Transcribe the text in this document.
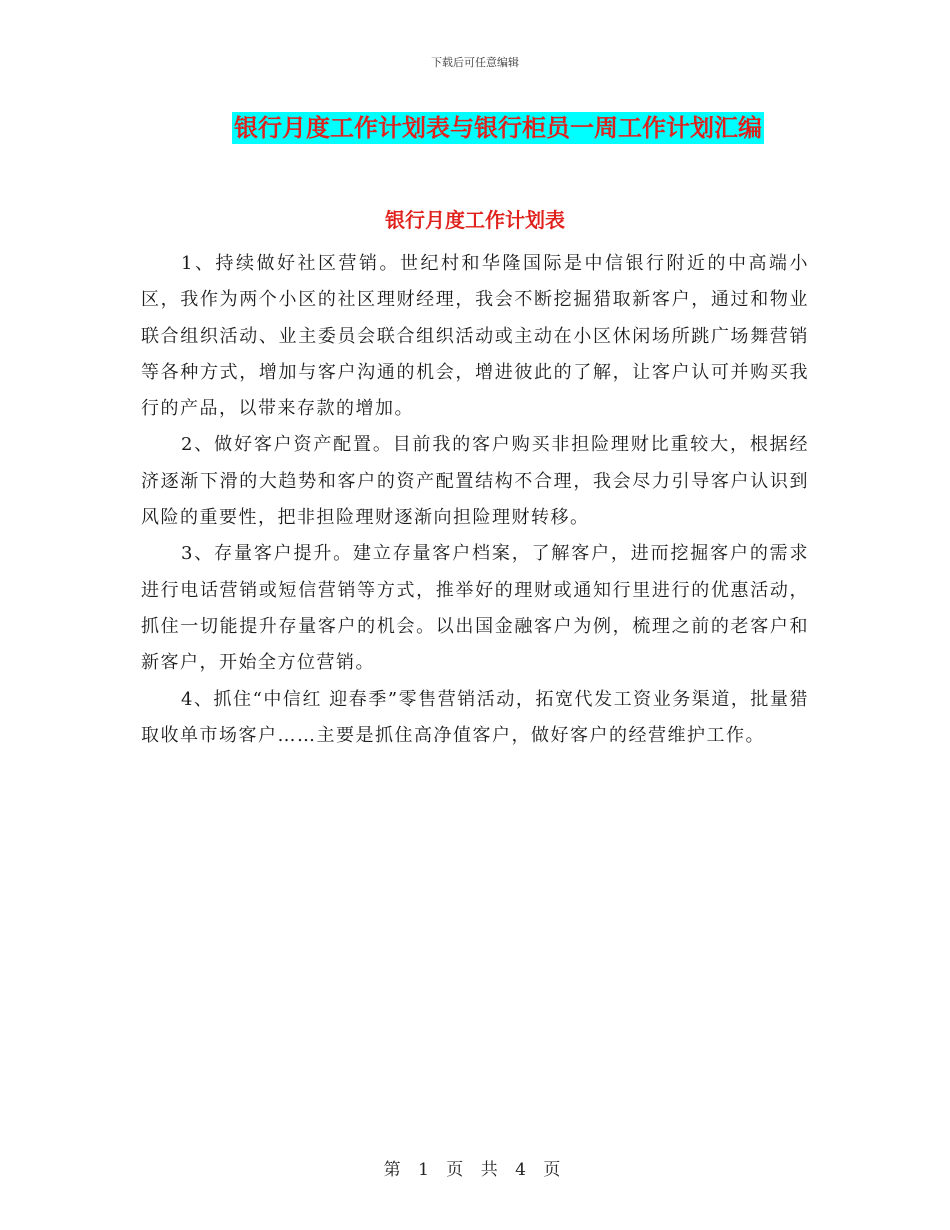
下载后可任意编辑
银行月度工作计划表与银行柜员一周工作计划汇编
银行月度工作计划表

1、持续做好社区营销。世纪村和华隆国际是中信银行附近的中高端小区，我作为两个小区的社区理财经理，我会不断挖掘猎取新客户，通过和物业联合组织活动、业主委员会联合组织活动或主动在小区休闲场所跳广场舞营销等各种方式，增加与客户沟通的机会，增进彼此的了解，让客户认可并购买我行的产品，以带来存款的增加。

2、做好客户资产配置。目前我的客户购买非担险理财比重较大，根据经济逐渐下滑的大趋势和客户的资产配置结构不合理，我会尽力引导客户认识到风险的重要性，把非担险理财逐渐向担险理财转移。

3、存量客户提升。建立存量客户档案，了解客户，进而挖掘客户的需求进行电话营销或短信营销等方式，推举好的理财或通知行里进行的优惠活动，抓住一切能提升存量客户的机会。以出国金融客户为例，梳理之前的老客户和新客户，开始全方位营销。

4、抓住“中信红 迎春季”零售营销活动，拓宽代发工资业务渠道，批量猎取收单市场客户……主要是抓住高净值客户，做好客户的经营维护工作。

第 1 页 共 4 页
